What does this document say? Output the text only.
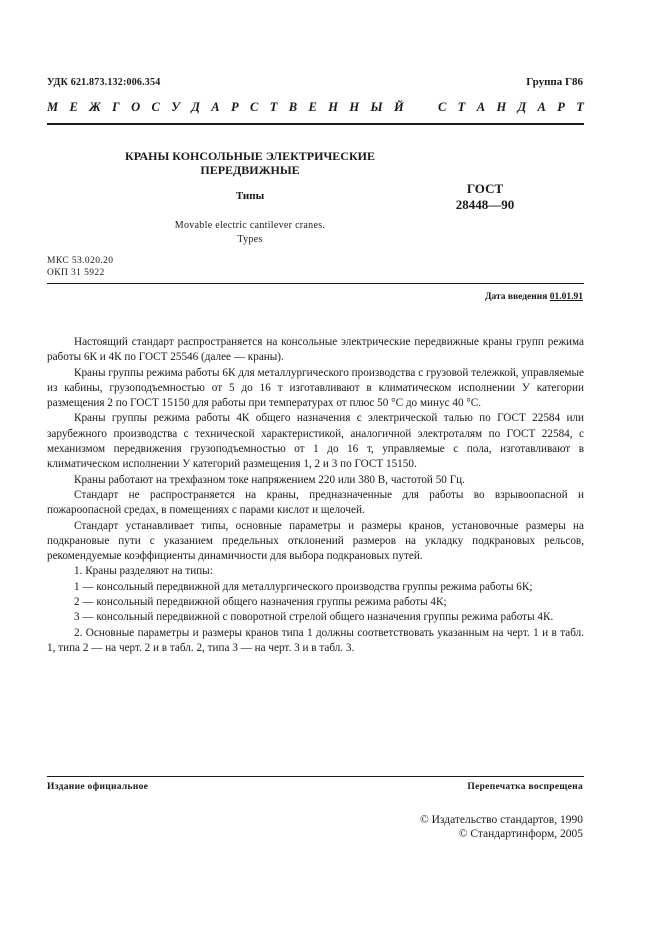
УДК 621.873.132:006.354	Группа Г86
М Е Ж Г О С У Д А Р С Т В Е Н Н Ы Й	С Т А Н Д А Р Т
КРАНЫ КОНСОЛЬНЫЕ ЭЛЕКТРИЧЕСКИЕ
ПЕРЕДВИЖНЫЕ
Типы	ГОСТ
28448—90
Movable electric cantilever cranes.
Types
МКС 53.020.20
ОКП 31 5922
Дата введения 01.01.91

Настоящий стандарт распространяется на консольные электрические передвижные краны групп режима работы 6К и 4К по ГОСТ 25546 (далее — краны).

Краны группы режима работы 6К для металлургического производства с грузовой тележкой, управляемые из кабины, грузоподъемностью от 5 до 16 т изготавливают в климатическом исполнении У категории размещения 2 по ГОСТ 15150 для работы при температурах от плюс 50 °С до минус 40 °С.

Краны группы режима работы 4К общего назначения с электрической талью по ГОСТ 22584 или зарубежного производства с технической характеристикой, аналогичной электроталям по ГОСТ 22584, с механизмом передвижения грузоподъемностью от 1 до 16 т, управляемые с пола, изготавливают в климатическом исполнении У категорий размещения 1, 2 и 3 по ГОСТ 15150.

Краны работают на трехфазном токе напряжением 220 или 380 В, частотой 50 Гц.

Стандарт не распространяется на краны, предназначенные для работы во взрывоопасной и пожароопасной средах, в помещениях с парами кислот и щелочей.

Стандарт устанавливает типы, основные параметры и размеры кранов, установочные размеры на подкрановые пути с указанием предельных отклонений размеров на укладку подкрановых рельсов, рекомендуемые коэффициенты динамичности для выбора подкрановых путей.

1. Краны разделяют на типы:

1 — консольный передвижной для металлургического производства группы режима работы 6К;

2 — консольный передвижной общего назначения группы режима работы 4К;

3 — консольный передвижной с поворотной стрелой общего назначения группы режима работы 4К.

2. Основные параметры и размеры кранов типа 1 должны соответствовать указанным на черт. 1 и в табл. 1, типа 2 — на черт. 2 и в табл. 2, типа 3 — на черт. 3 и в табл. 3.

Издание официальное	Перепечатка воспрещена
© Издательство стандартов, 1990
© Стандартинформ, 2005
